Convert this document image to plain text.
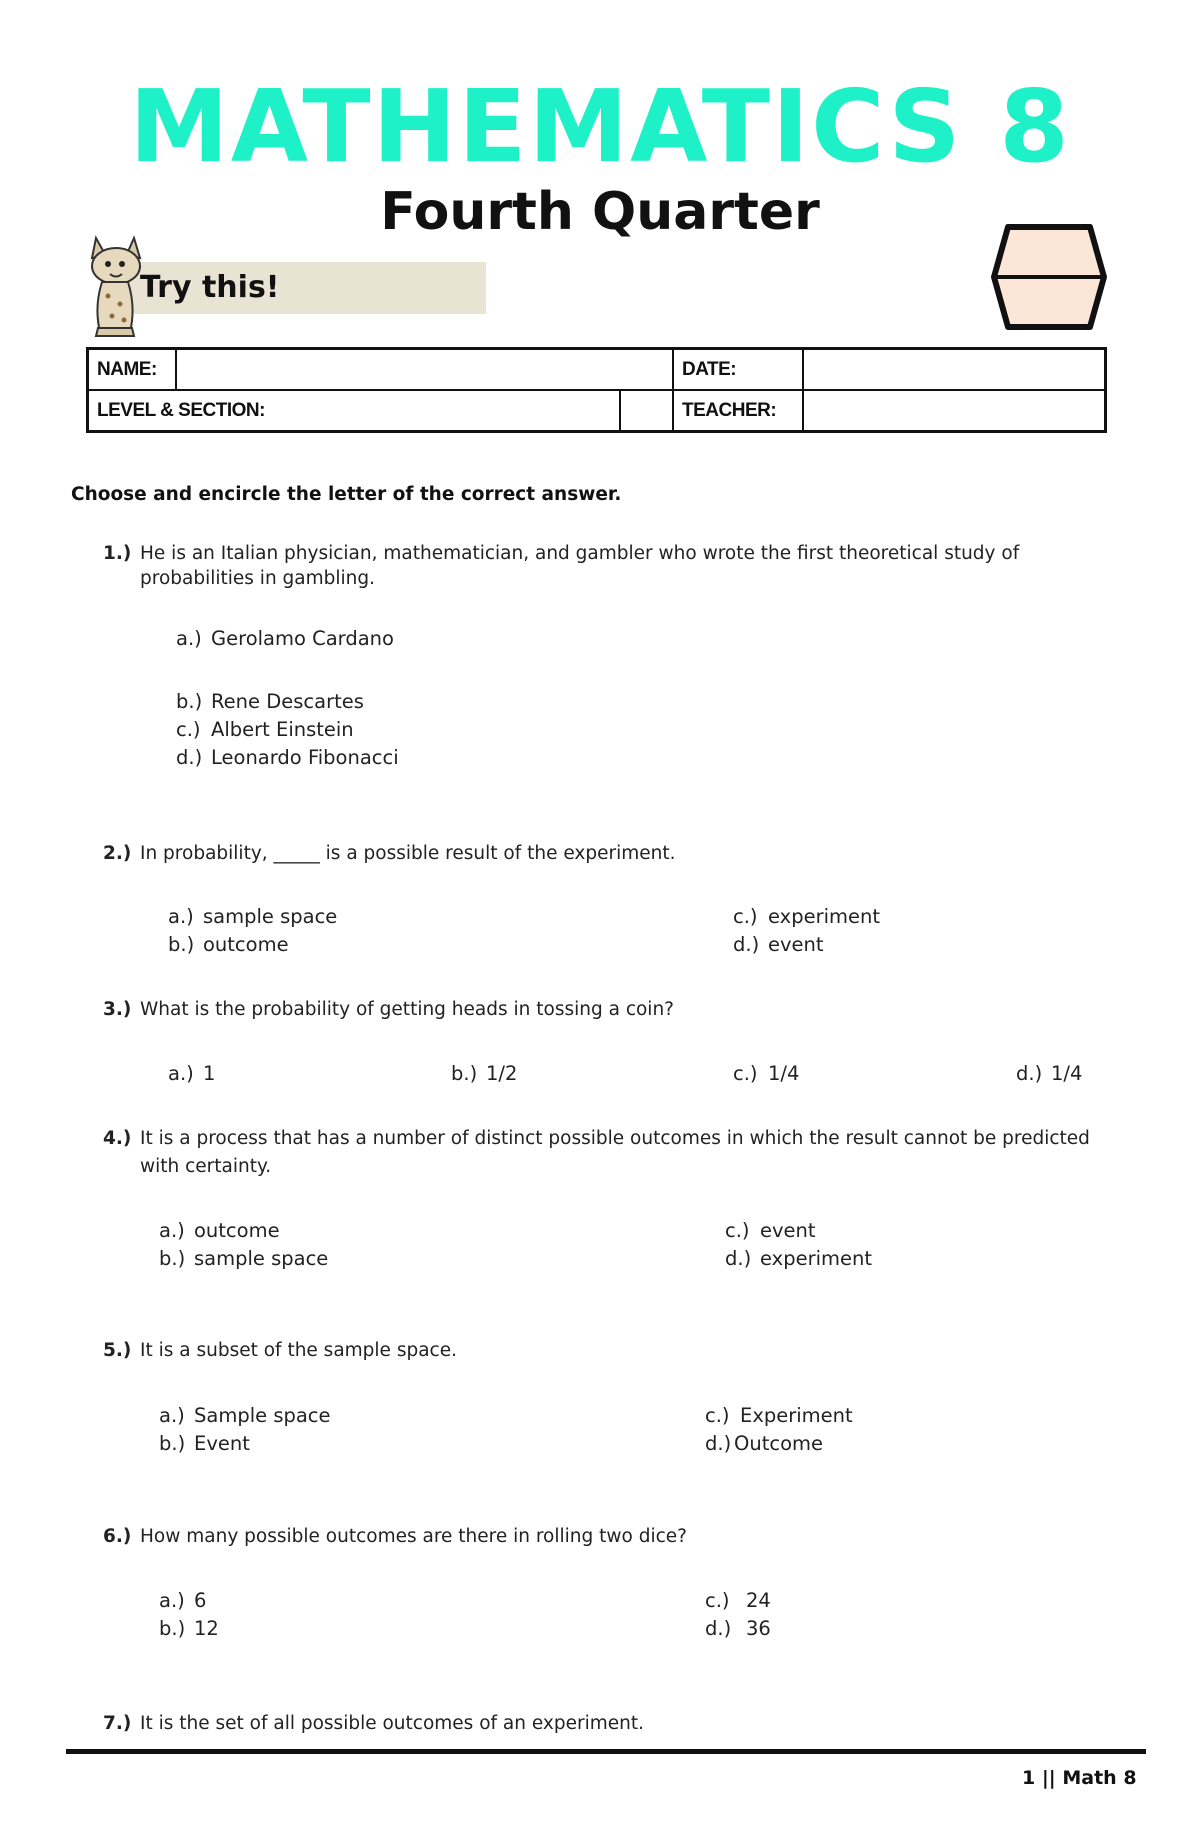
MATHEMATICS 8
Fourth Quarter
Try this!
NAME:			DATE:	
LEVEL & SECTION:			TEACHER:	
Choose and encircle the letter of the correct answer.
1.) He is an Italian physician, mathematician, and gambler who wrote the first theoretical study of
probabilities in gambling.
a.) Gerolamo Cardano
b.) Rene Descartes
c.) Albert Einstein
d.) Leonardo Fibonacci
2.) In probability, _____ is a possible result of the experiment.
a.) sample space
b.) outcome
c.) experiment
d.) event
3.) What is the probability of getting heads in tossing a coin?
a.) 1	b.) 1/2	c.) 1/4	d.) 1/4
4.) It is a process that has a number of distinct possible outcomes in which the result cannot be predicted
with certainty.
a.) outcome
b.) sample space
c.) event
d.) experiment
5.) It is a subset of the sample space.
a.) Sample space
b.) Event
c.) Experiment
d.) Outcome
6.) How many possible outcomes are there in rolling two dice?
a.) 6
b.) 12
c.) 24
d.) 36
7.) It is the set of all possible outcomes of an experiment.
1 || Math 8
